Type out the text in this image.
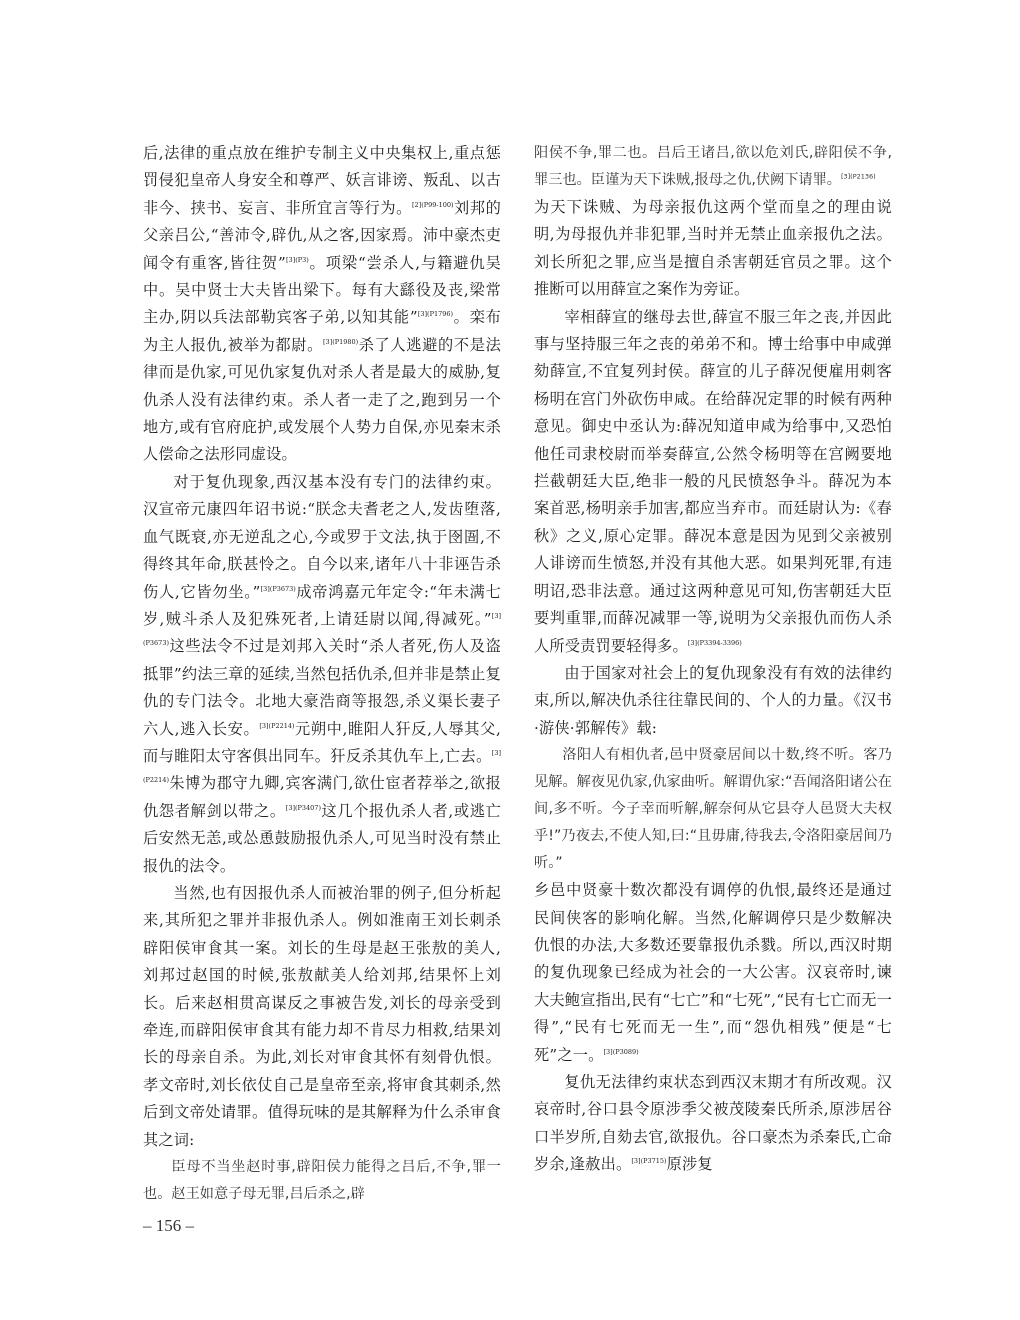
后,法律的重点放在维护专制主义中央集权上,重点惩罚侵犯皇帝人身安全和尊严、妖言诽谤、叛乱、以古非今、挟书、妄言、非所宜言等行为。$^{[2](P99-100)}$刘邦的父亲吕公,“善沛令,辟仇,从之客,因家焉。沛中豪杰吏闻令有重客,皆往贺”$^{[3](P3)}$。项梁“尝杀人,与籍避仇吴中。吴中贤士大夫皆出梁下。每有大繇役及丧,梁常主办,阴以兵法部勒宾客子弟,以知其能”$^{[3](P1796)}$。栾布为主人报仇,被举为都尉。$^{[3](P1980)}$杀了人逃避的不是法律而是仇家,可见仇家复仇对杀人者是最大的威胁,复仇杀人没有法律约束。杀人者一走了之,跑到另一个地方,或有官府庇护,或发展个人势力自保,亦见秦末杀人偿命之法形同虚设。

对于复仇现象,西汉基本没有专门的法律约束。汉宣帝元康四年诏书说:“朕念夫耆老之人,发齿堕落,血气既衰,亦无逆乱之心,今或罗于文法,执于囹圄,不得终其年命,朕甚怜之。自今以来,诸年八十非诬告杀伤人,它皆勿坐。”$^{[3](P3673)}$成帝鸿嘉元年定令:“年未满七岁,贼斗杀人及犯殊死者,上请廷尉以闻,得减死。”$^{[3](P3673)}$这些法令不过是刘邦入关时“杀人者死,伤人及盗抵罪”约法三章的延续,当然包括仇杀,但并非是禁止复仇的专门法令。北地大豪浩商等报怨,杀义渠长妻子六人,逃入长安。$^{[3](P2214)}$元朔中,睢阳人犴反,人辱其父,而与睢阳太守客俱出同车。犴反杀其仇车上,亡去。$^{[3](P2214)}$朱博为郡守九卿,宾客满门,欲仕宦者荐举之,欲报仇怨者解剑以带之。$^{[3](P3407)}$这几个报仇杀人者,或逃亡后安然无恙,或怂恿鼓励报仇杀人,可见当时没有禁止报仇的法令。

当然,也有因报仇杀人而被治罪的例子,但分析起来,其所犯之罪并非报仇杀人。例如淮南王刘长刺杀辟阳侯审食其一案。刘长的生母是赵王张敖的美人,刘邦过赵国的时候,张敖献美人给刘邦,结果怀上刘长。后来赵相贯高谋反之事被告发,刘长的母亲受到牵连,而辟阳侯审食其有能力却不肯尽力相救,结果刘长的母亲自杀。为此,刘长对审食其怀有刻骨仇恨。孝文帝时,刘长依仗自己是皇帝至亲,将审食其刺杀,然后到文帝处请罪。值得玩味的是其解释为什么杀审食其之词:

臣母不当坐赵时事,辟阳侯力能得之吕后,不争,罪一也。赵王如意子母无罪,吕后杀之,辟

阳侯不争,罪二也。吕后王诸吕,欲以危刘氏,辟阳侯不争,罪三也。臣谨为天下诛贼,报母之仇,伏阙下请罪。$^{[3](P2136)}$

为天下诛贼、为母亲报仇这两个堂而皇之的理由说明,为母报仇并非犯罪,当时并无禁止血亲报仇之法。刘长所犯之罪,应当是擅自杀害朝廷官员之罪。这个推断可以用薛宣之案作为旁证。

宰相薛宣的继母去世,薛宣不服三年之丧,并因此事与坚持服三年之丧的弟弟不和。博士给事中申咸弹劾薛宣,不宜复列封侯。薛宣的儿子薛况便雇用刺客杨明在宫门外砍伤申咸。在给薛况定罪的时候有两种意见。御史中丞认为:薛况知道申咸为给事中,又恐怕他任司隶校尉而举奏薛宣,公然令杨明等在宫阙要地拦截朝廷大臣,绝非一般的凡民愤怒争斗。薛况为本案首恶,杨明亲手加害,都应当弃市。而廷尉认为:《春秋》之义,原心定罪。薛况本意是因为见到父亲被别人诽谤而生愤怒,并没有其他大恶。如果判死罪,有违明诏,恐非法意。通过这两种意见可知,伤害朝廷大臣要判重罪,而薛况减罪一等,说明为父亲报仇而伤人杀人所受责罚要轻得多。$^{[3](P3394-3396)}$

由于国家对社会上的复仇现象没有有效的法律约束,所以,解决仇杀往往靠民间的、个人的力量。《汉书·游侠·郭解传》载:

洛阳人有相仇者,邑中贤豪居间以十数,终不听。客乃见解。解夜见仇家,仇家曲听。解谓仇家:“吾闻洛阳诸公在间,多不听。今子幸而听解,解奈何从它县夺人邑贤大夫权乎!”乃夜去,不使人知,曰:“且毋庸,待我去,令洛阳豪居间乃听。”

乡邑中贤豪十数次都没有调停的仇恨,最终还是通过民间侠客的影响化解。当然,化解调停只是少数解决仇恨的办法,大多数还要靠报仇杀戮。所以,西汉时期的复仇现象已经成为社会的一大公害。汉哀帝时,谏大夫鲍宣指出,民有“七亡”和“七死”,“民有七亡而无一得”,“民有七死而无一生”,而“怨仇相残”便是“七死”之一。$^{[3](P3089)}$

复仇无法律约束状态到西汉末期才有所改观。汉哀帝时,谷口县令原涉季父被茂陵秦氏所杀,原涉居谷口半岁所,自劾去官,欲报仇。谷口豪杰为杀秦氏,亡命岁余,逢赦出。$^{[3](P3715)}$原涉复

– 156 –
